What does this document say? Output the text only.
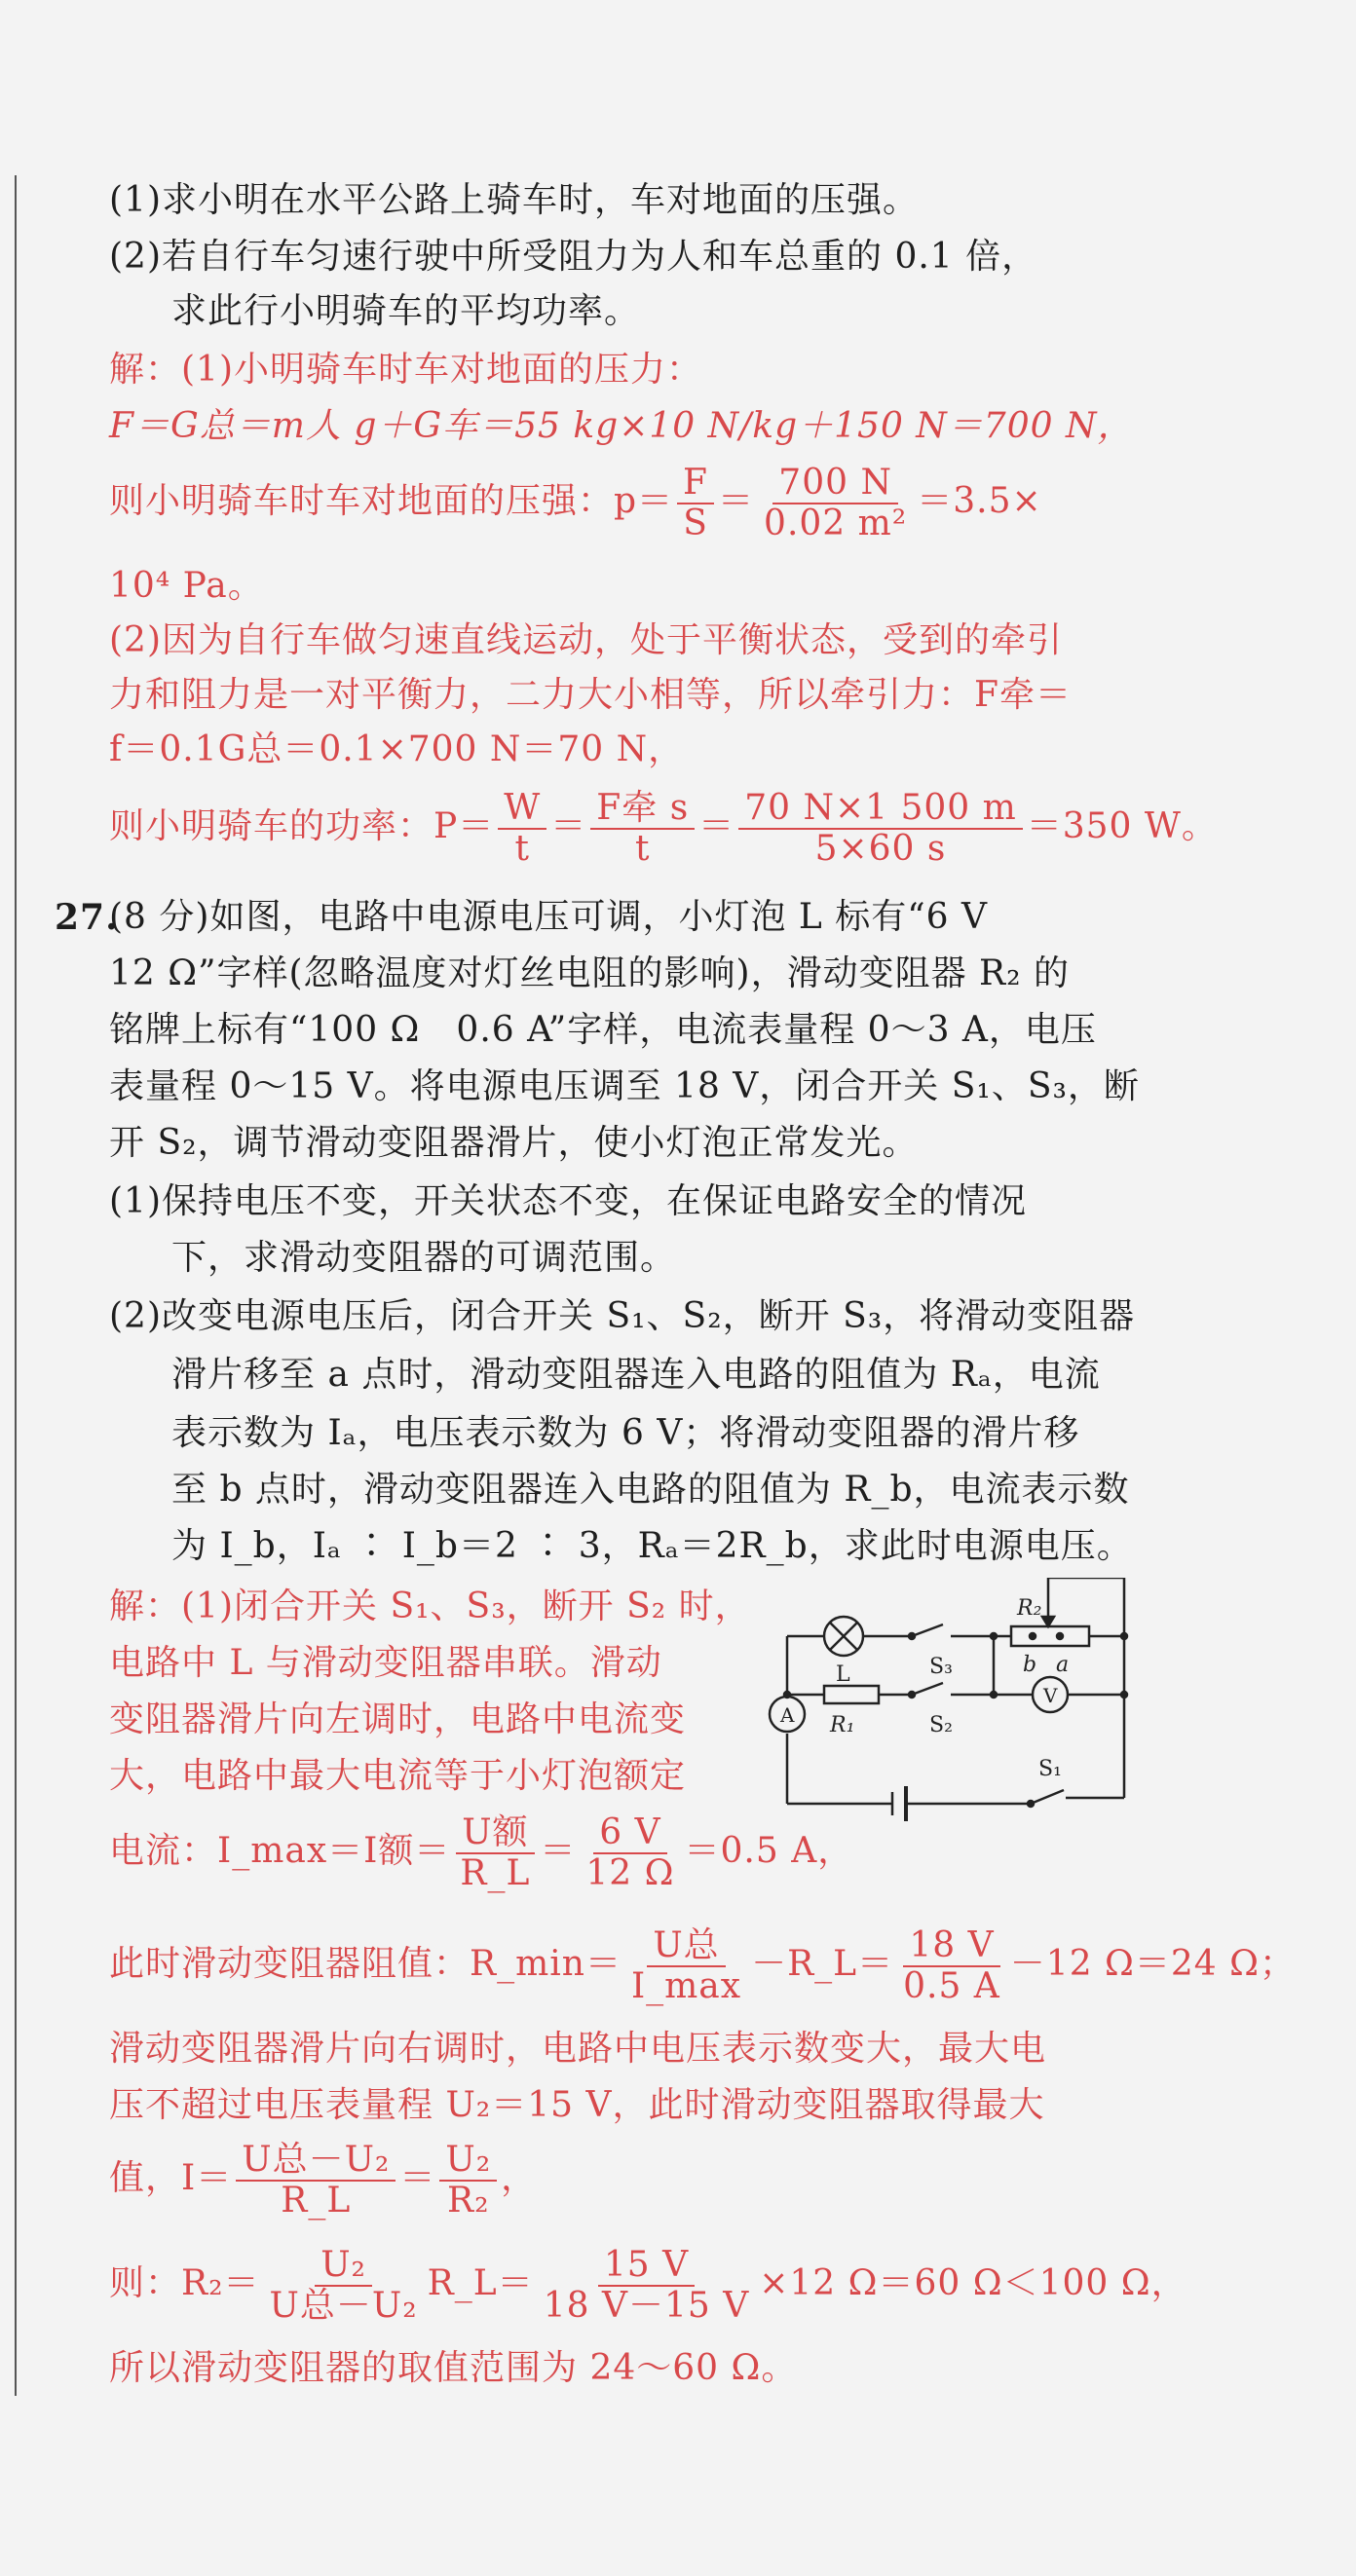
(1)求小明在水平公路上骑车时，车对地面的压强。
(2)若自行车匀速行驶中所受阻力为人和车总重的 0.1 倍，
求此行小明骑车的平均功率。
解：(1)小明骑车时车对地面的压力：
F＝G总＝m人 g＋G车＝55 kg×10 N/kg＋150 N＝700 N，
则小明骑车时车对地面的压强：$p= \frac{F}{S} = \frac{700 N}{\text{0.02 m²}} =3.5\times$
10⁴ Pa。
(2)因为自行车做匀速直线运动，处于平衡状态，受到的牵引
力和阻力是一对平衡力，二力大小相等，所以牵引力：F牵＝
f＝0.1G总＝0.1×700 N＝70 N，
则小明骑车的功率：$P= \frac{W}{t} = \frac{\text{F牵 s}}{t} = \frac{70 N\times 1 500 m}{5\times 60 s} =350$ W。
27.
(8 分)如图，电路中电源电压可调，小灯泡 L 标有“6 V
12 Ω”字样(忽略温度对灯丝电阻的影响)，滑动变阻器 R₂ 的
铭牌上标有“100 Ω　0.6 A”字样，电流表量程 0～3 A，电压
表量程 0～15 V。将电源电压调至 18 V，闭合开关 S₁、S₃，断
开 S₂，调节滑动变阻器滑片，使小灯泡正常发光。
(1)保持电压不变，开关状态不变，在保证电路安全的情况
下，求滑动变阻器的可调范围。
(2)改变电源电压后，闭合开关 S₁、S₂，断开 S₃，将滑动变阻器
滑片移至 a 点时，滑动变阻器连入电路的阻值为 Rₐ，电流
表示数为 Iₐ，电压表示数为 6 V；将滑动变阻器的滑片移
至 b 点时，滑动变阻器连入电路的阻值为 R_b，电流表示数
为 I_b，Iₐ ∶ I_b＝2 ∶ 3，Rₐ＝2R_b，求此时电源电压。
解：(1)闭合开关 S₁、S₃，断开 S₂ 时，
电路中 L 与滑动变阻器串联。滑动
变阻器滑片向左调时，电路中电流变
大，电路中最大电流等于小灯泡额定
电流：I_max＝I额＝ $\frac{\text{U额}}{R\_L} = \frac{6 V}{12 \Omega} =0.5$ A，
此时滑动变阻器阻值：R_min＝ $\frac{\text{U总}}{I\_\max}$ －R_L＝ $\frac{18 V}{0.5 A} -12$ Ω＝24 Ω；
滑动变阻器滑片向右调时，电路中电压表示数变大，最大电
压不超过电压表量程 U₂＝15 V，此时滑动变阻器取得最大
值，$I= \frac{\text{U总－U₂}}{R\_L} = \frac{\text{U₂}}{\text{R₂}}$ ，
则：$R_2= \frac{\text{U₂}}{\text{U总－U₂}}$ R_L＝ $\frac{15 V}{18 V-15 V} \times 12$ Ω＝60 Ω＜100 Ω，
所以滑动变阻器的取值范围为 24～60 Ω。
L	S₃
R₂
b a
R₁	S₂
S₁
A
V
